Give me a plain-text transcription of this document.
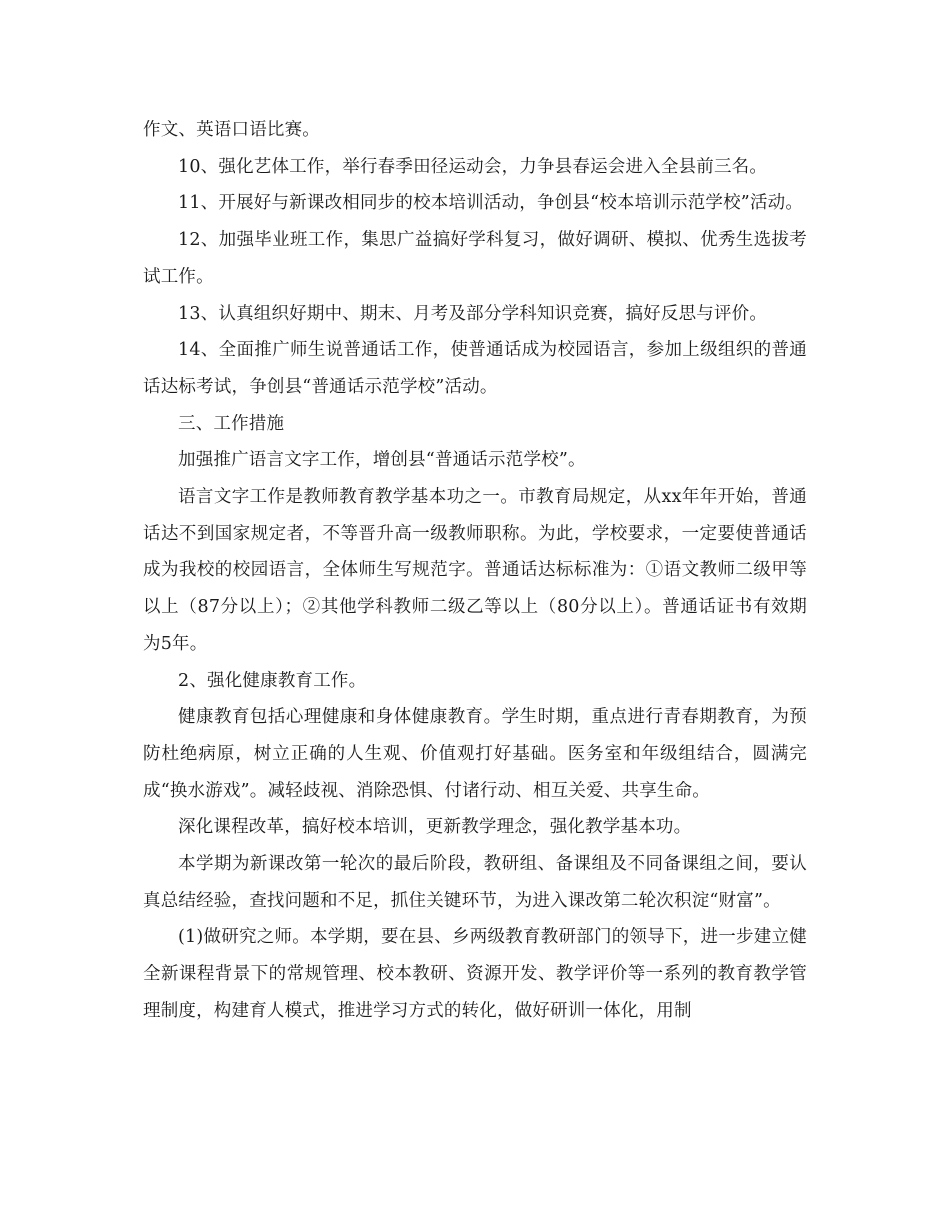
作文、英语口语比赛。

10、强化艺体工作，举行春季田径运动会，力争县春运会进入全县前三名。

11、开展好与新课改相同步的校本培训活动，争创县“校本培训示范学校”活动。

12、加强毕业班工作，集思广益搞好学科复习，做好调研、模拟、优秀生选拔考试工作。

13、认真组织好期中、期末、月考及部分学科知识竞赛，搞好反思与评价。

14、全面推广师生说普通话工作，使普通话成为校园语言，参加上级组织的普通话达标考试，争创县“普通话示范学校”活动。

三、工作措施

加强推广语言文字工作，增创县“普通话示范学校”。

语言文字工作是教师教育教学基本功之一。市教育局规定，从xx年年开始，普通话达不到国家规定者，不等晋升高一级教师职称。为此，学校要求，一定要使普通话成为我校的校园语言，全体师生写规范字。普通话达标标准为：①语文教师二级甲等以上（87分以上）；②其他学科教师二级乙等以上（80分以上）。普通话证书有效期为5年。

2、强化健康教育工作。

健康教育包括心理健康和身体健康教育。学生时期，重点进行青春期教育，为预防杜绝病原，树立正确的人生观、价值观打好基础。医务室和年级组结合，圆满完成“换水游戏”。减轻歧视、消除恐惧、付诸行动、相互关爱、共享生命。

深化课程改革，搞好校本培训，更新教学理念，强化教学基本功。

本学期为新课改第一轮次的最后阶段，教研组、备课组及不同备课组之间，要认真总结经验，查找问题和不足，抓住关键环节，为进入课改第二轮次积淀“财富”。

(1)做研究之师。本学期，要在县、乡两级教育教研部门的领导下，进一步建立健全新课程背景下的常规管理、校本教研、资源开发、教学评价等一系列的教育教学管理制度，构建育人模式，推进学习方式的转化，做好研训一体化，用制
